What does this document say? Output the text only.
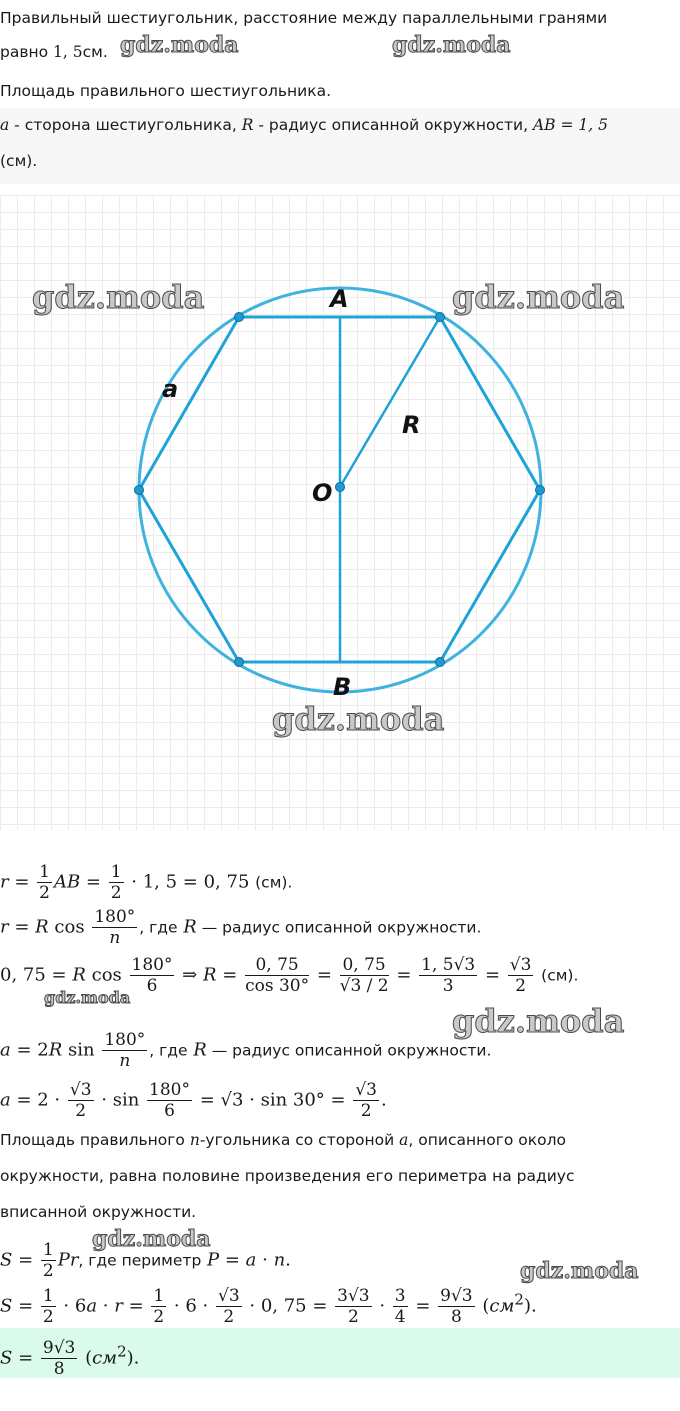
Правильный шестиугольник, расстояние между параллельными гранями
равно 1, 5см.
Площадь правильного шестиугольника.
a - сторона шестиугольника, R - радиус описанной окружности, AB = 1, 5
(см).
A
B
O
R
a
$r = \frac{1}{2}$ AB = $\frac{1}{2} \cdot 1$, 5 = 0, 75 (см).
r = R $\cos \frac{180^\circ}{n}$ , где R — радиус описанной окружности.
0, 75 = R $\cos \frac{180^\circ}{6}$ ⇒ $R = \frac{0, 75}{\cos 30^\circ} = \frac{0, 75}{√3 / 2} = \frac{1, 5√3}{3} = \frac{√3}{2} (см)$.
a = 2R $\sin \frac{180^\circ}{n}$ , где R — радиус описанной окружности.
$a = 2 \cdot \frac{√3}{2} \cdot \sin \frac{180^\circ}{6} = √3 \cdot \sin 30^\circ = \frac{√3}{2}$ .
Площадь правильного n-угольника со стороной a, описанного около
окружности, равна половине произведения его периметра на радиус
вписанной окружности.
$S = \frac{1}{2} Pr$, где периметр P = a · n.
$S = \frac{1}{2} \cdot 6a \cdot r = \frac{1}{2} \cdot 6 \cdot \frac{√3}{2} \cdot 0$, $75 = \frac{3√3}{2} \cdot \frac{3}{4} = \frac{9√3}{8} (см^2)$.
$S = \frac{9√3}{8} (см^2)$.
gdz.moda	gdz.moda
gdz.moda	gdz.moda
gdz.moda
gdz.moda
gdz.moda
gdz.moda
gdz.moda
